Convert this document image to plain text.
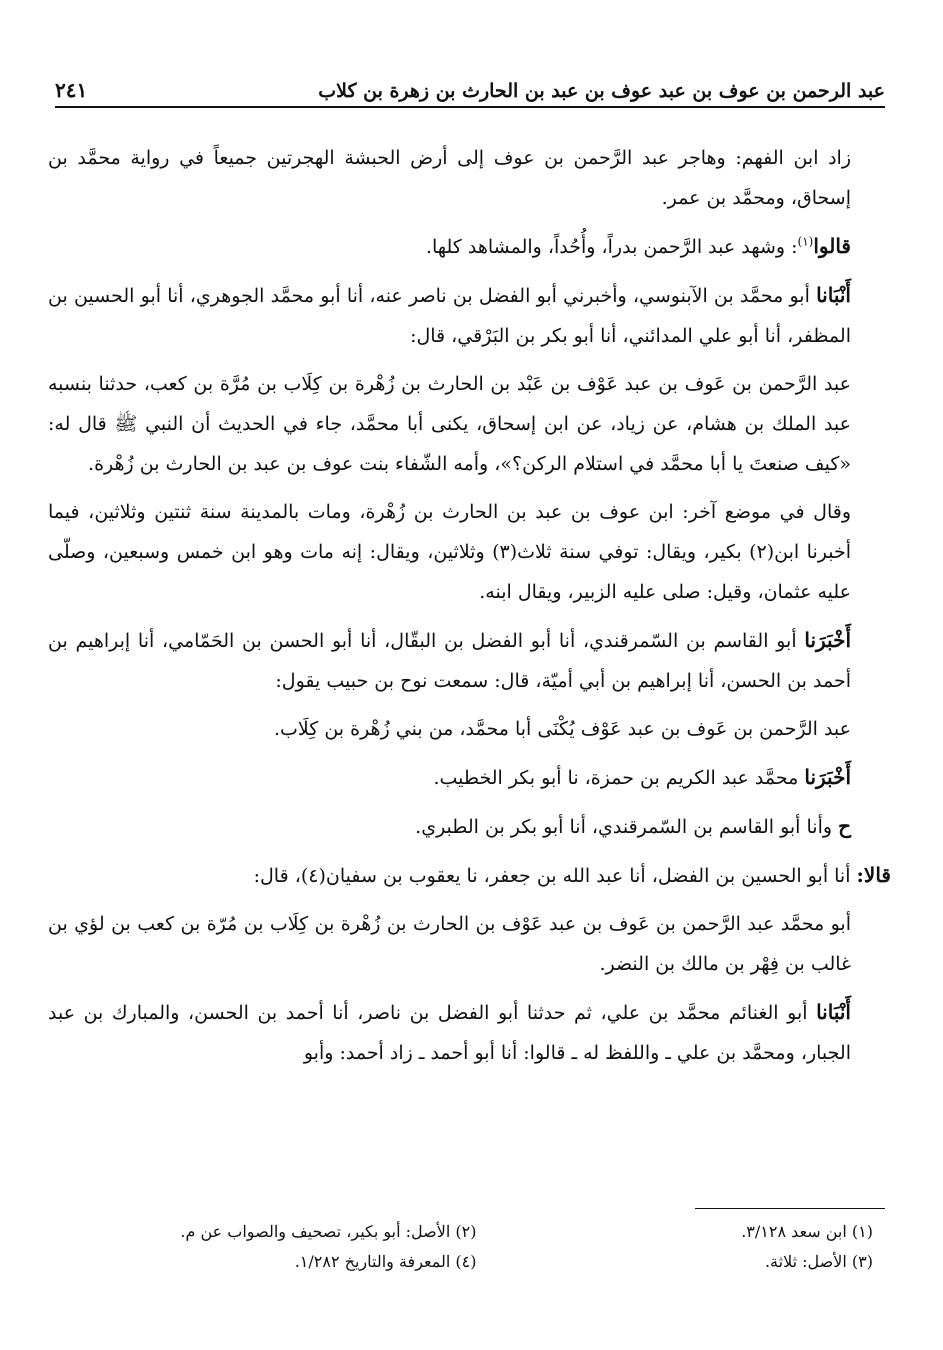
عبد الرحمن بن عوف بن عبد عوف بن عبد بن الحارث بن زهرة بن كلاب
٢٤١

زاد ابن الفهم: وهاجر عبد الرَّحمن بن عوف إلى أرض الحبشة الهجرتين جميعاً في رواية محمَّد بن إسحاق، ومحمَّد بن عمر.

قالوا$^{(١)}$: وشهد عبد الرَّحمن بدراً، وأُحُداً، والمشاهد كلها.

أَنْبَانا أبو محمَّد بن الآبنوسي، وأخبرني أبو الفضل بن ناصر عنه، أنا أبو محمَّد الجوهري، أنا أبو الحسين بن المظفر، أنا أبو علي المدائني، أنا أبو بكر بن البَرْقي، قال:

عبد الرَّحمن بن عَوف بن عبد عَوْف بن عَبْد بن الحارث بن زُهْرة بن كِلَاب بن مُرَّة بن كعب، حدثنا بنسبه عبد الملك بن هشام، عن زياد، عن ابن إسحاق، يكنى أبا محمَّد، جاء في الحديث أن النبي ﷺ قال له: «كيف صنعتَ يا أبا محمَّد في استلام الركن؟»، وأمه الشّفاء بنت عوف بن عبد بن الحارث بن زُهْرة.

وقال في موضع آخر: ابن عوف بن عبد بن الحارث بن زُهْرة، ومات بالمدينة سنة ثنتين وثلاثين، فيما أخبرنا ابن(٢) بكير، ويقال: توفي سنة ثلاث(٣) وثلاثين، ويقال: إنه مات وهو ابن خمس وسبعين، وصلّى عليه عثمان، وقيل: صلى عليه الزبير، ويقال ابنه.

أَخْبَرَنا أبو القاسم بن السّمرقندي، أنا أبو الفضل بن البقّال، أنا أبو الحسن بن الحَمّامي، أنا إبراهيم بن أحمد بن الحسن، أنا إبراهيم بن أبي أميّة، قال: سمعت نوح بن حبيب يقول:

عبد الرَّحمن بن عَوف بن عبد عَوْف يُكْنَى أبا محمَّد، من بني زُهْرة بن كِلَاب.

أَخْبَرَنا محمَّد عبد الكريم بن حمزة، نا أبو بكر الخطيب.

ح وأنا أبو القاسم بن السّمرقندي، أنا أبو بكر بن الطبري.

قالا: أنا أبو الحسين بن الفضل، أنا عبد الله بن جعفر، نا يعقوب بن سفيان(٤)، قال:

أبو محمَّد عبد الرَّحمن بن عَوف بن عبد عَوْف بن الحارث بن زُهْرة بن كِلَاب بن مُرّة بن كعب بن لؤي بن غالب بن فِهْر بن مالك بن النضر.

أَنْبَانا أبو الغنائم محمَّد بن علي، ثم حدثنا أبو الفضل بن ناصر، أنا أحمد بن الحسن، والمبارك بن عبد الجبار، ومحمَّد بن علي ـ واللفظ له ـ قالوا: أنا أبو أحمد ـ زاد أحمد: وأبو

(١) ابن سعد ٣/١٢٨.
(٢) الأصل: أبو بكير، تصحيف والصواب عن م.
(٣) الأصل: ثلاثة.
(٤) المعرفة والتاريخ ١/٢٨٢.
